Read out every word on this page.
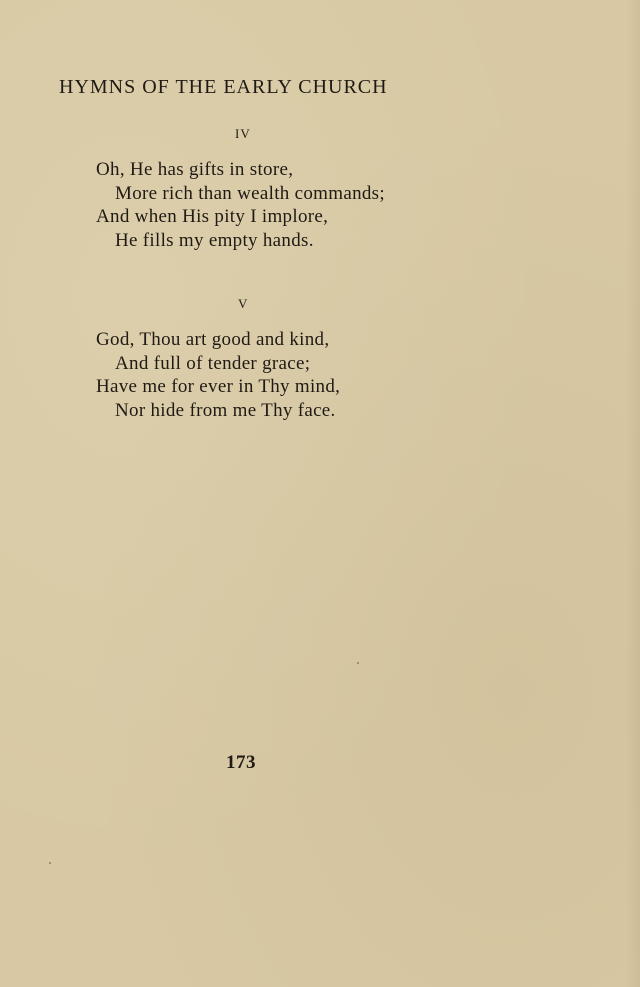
HYMNS OF THE EARLY CHURCH
IV
Oh, He has gifts in store,
More rich than wealth commands;
And when His pity I implore,
He fills my empty hands.
V
God, Thou art good and kind,
And full of tender grace;
Have me for ever in Thy mind,
Nor hide from me Thy face.
173
